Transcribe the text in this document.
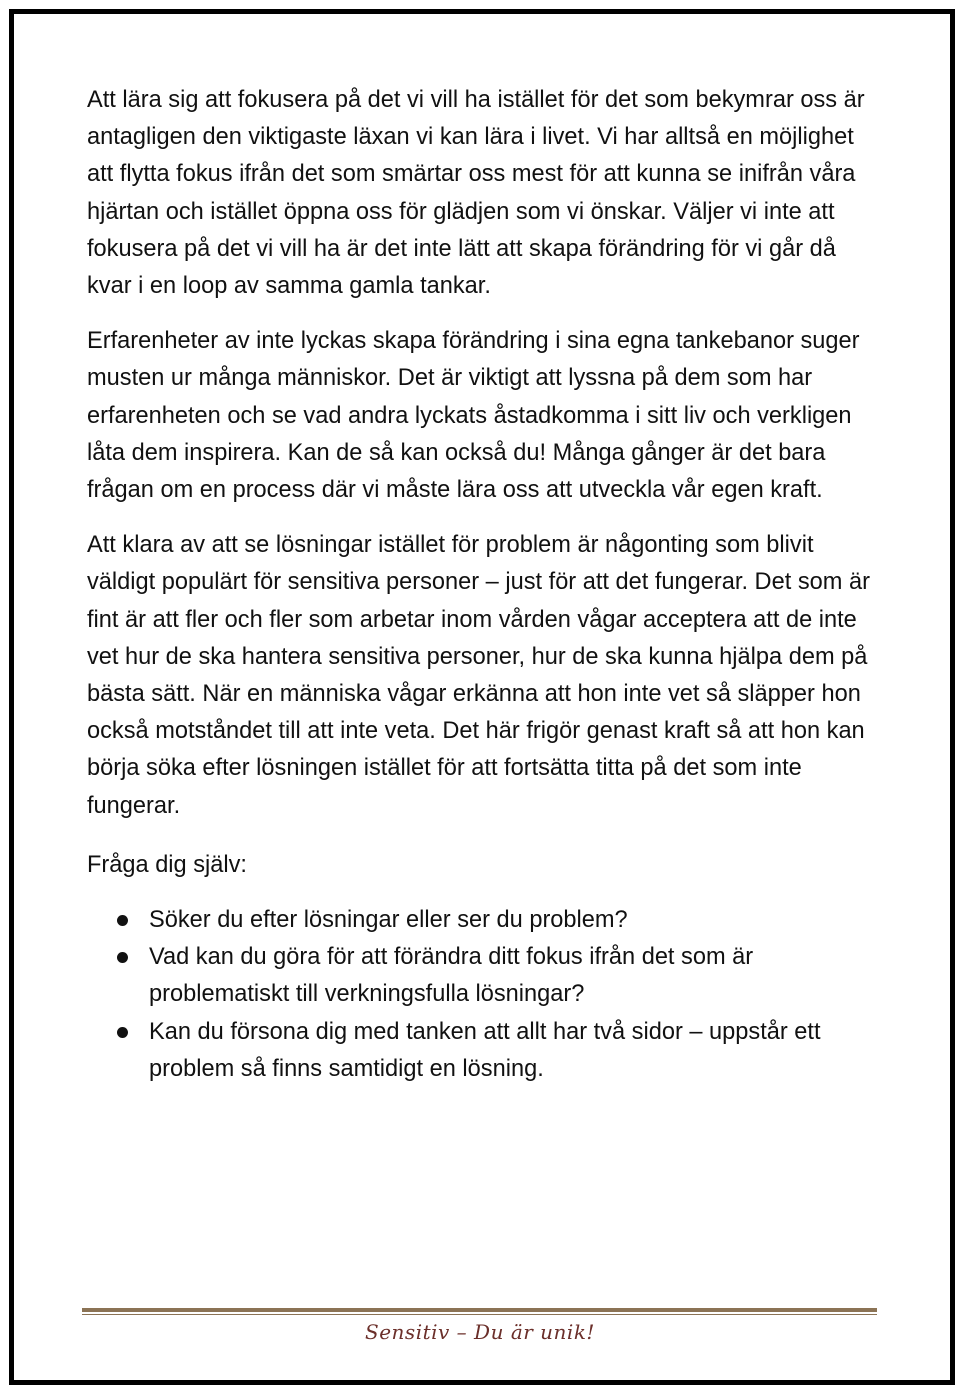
Att lära sig att fokusera på det vi vill ha istället för det som bekymrar oss är antagligen den viktigaste läxan vi kan lära i livet. Vi har alltså en möjlighet att flytta fokus ifrån det som smärtar oss mest för att kunna se inifrån våra hjärtan och istället öppna oss för glädjen som vi önskar. Väljer vi inte att fokusera på det vi vill ha är det inte lätt att skapa förändring för vi går då kvar i en loop av samma gamla tankar.

Erfarenheter av inte lyckas skapa förändring i sina egna tankebanor suger musten ur många människor. Det är viktigt att lyssna på dem som har erfarenheten och se vad andra lyckats åstadkomma i sitt liv och verkligen låta dem inspirera. Kan de så kan också du! Många gånger är det bara frågan om en process där vi måste lära oss att utveckla vår egen kraft.

Att klara av att se lösningar istället för problem är någonting som blivit väldigt populärt för sensitiva personer – just för att det fungerar. Det som är fint är att fler och fler som arbetar inom vården vågar acceptera att de inte vet hur de ska hantera sensitiva personer, hur de ska kunna hjälpa dem på bästa sätt. När en människa vågar erkänna att hon inte vet så släpper hon också motståndet till att inte veta. Det här frigör genast kraft så att hon kan börja söka efter lösningen istället för att fortsätta titta på det som inte fungerar.

Fråga dig själv:

Söker du efter lösningar eller ser du problem?
Vad kan du göra för att förändra ditt fokus ifrån det som är problematiskt till verkningsfulla lösningar?
Kan du försona dig med tanken att allt har två sidor – uppstår ett problem så finns samtidigt en lösning.
Sensitiv – Du är unik!
